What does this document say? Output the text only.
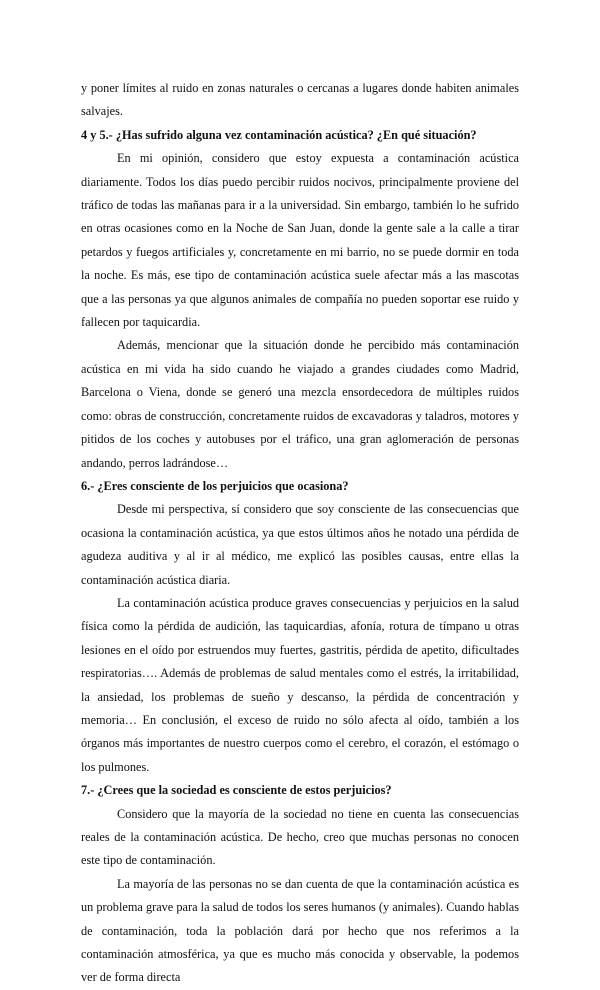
y poner límites al ruido en zonas naturales o cercanas a lugares donde habiten animales salvajes.

4 y 5.- ¿Has sufrido alguna vez contaminación acústica? ¿En qué situación?

En mi opinión, considero que estoy expuesta a contaminación acústica diariamente. Todos los días puedo percibir ruidos nocivos, principalmente proviene del tráfico de todas las mañanas para ir a la universidad. Sin embargo, también lo he sufrido en otras ocasiones como en la Noche de San Juan, donde la gente sale a la calle a tirar petardos y fuegos artificiales y, concretamente en mi barrio, no se puede dormir en toda la noche. Es más, ese tipo de contaminación acústica suele afectar más a las mascotas que a las personas ya que algunos animales de compañía no pueden soportar ese ruido y fallecen por taquicardia.

Además, mencionar que la situación donde he percibido más contaminación acústica en mi vida ha sido cuando he viajado a grandes ciudades como Madrid, Barcelona o Viena, donde se generó una mezcla ensordecedora de múltiples ruidos como: obras de construcción, concretamente ruidos de excavadoras y taladros, motores y pitidos de los coches y autobuses por el tráfico, una gran aglomeración de personas andando, perros ladrándose…

6.- ¿Eres consciente de los perjuicios que ocasiona?

Desde mi perspectiva, sí considero que soy consciente de las consecuencias que ocasiona la contaminación acústica, ya que estos últimos años he notado una pérdida de agudeza auditiva y al ir al médico, me explicó las posibles causas, entre ellas la contaminación acústica diaria.

La contaminación acústica produce graves consecuencias y perjuicios en la salud física como la pérdida de audición, las taquicardias, afonía, rotura de tímpano u otras lesiones en el oído por estruendos muy fuertes, gastritis, pérdida de apetito, dificultades respiratorias…. Además de problemas de salud mentales como el estrés, la irritabilidad, la ansiedad, los problemas de sueño y descanso, la pérdida de concentración y memoria… En conclusión, el exceso de ruido no sólo afecta al oído, también a los órganos más importantes de nuestro cuerpos como el cerebro, el corazón, el estómago o los pulmones.

7.- ¿Crees que la sociedad es consciente de estos perjuicios?

Considero que la mayoría de la sociedad no tiene en cuenta las consecuencias reales de la contaminación acústica. De hecho, creo que muchas personas no conocen este tipo de contaminación.

La mayoría de las personas no se dan cuenta de que la contaminación acústica es un problema grave para la salud de todos los seres humanos (y animales). Cuando hablas de contaminación, toda la población dará por hecho que nos referimos a la contaminación atmosférica, ya que es mucho más conocida y observable, la podemos ver de forma directa
